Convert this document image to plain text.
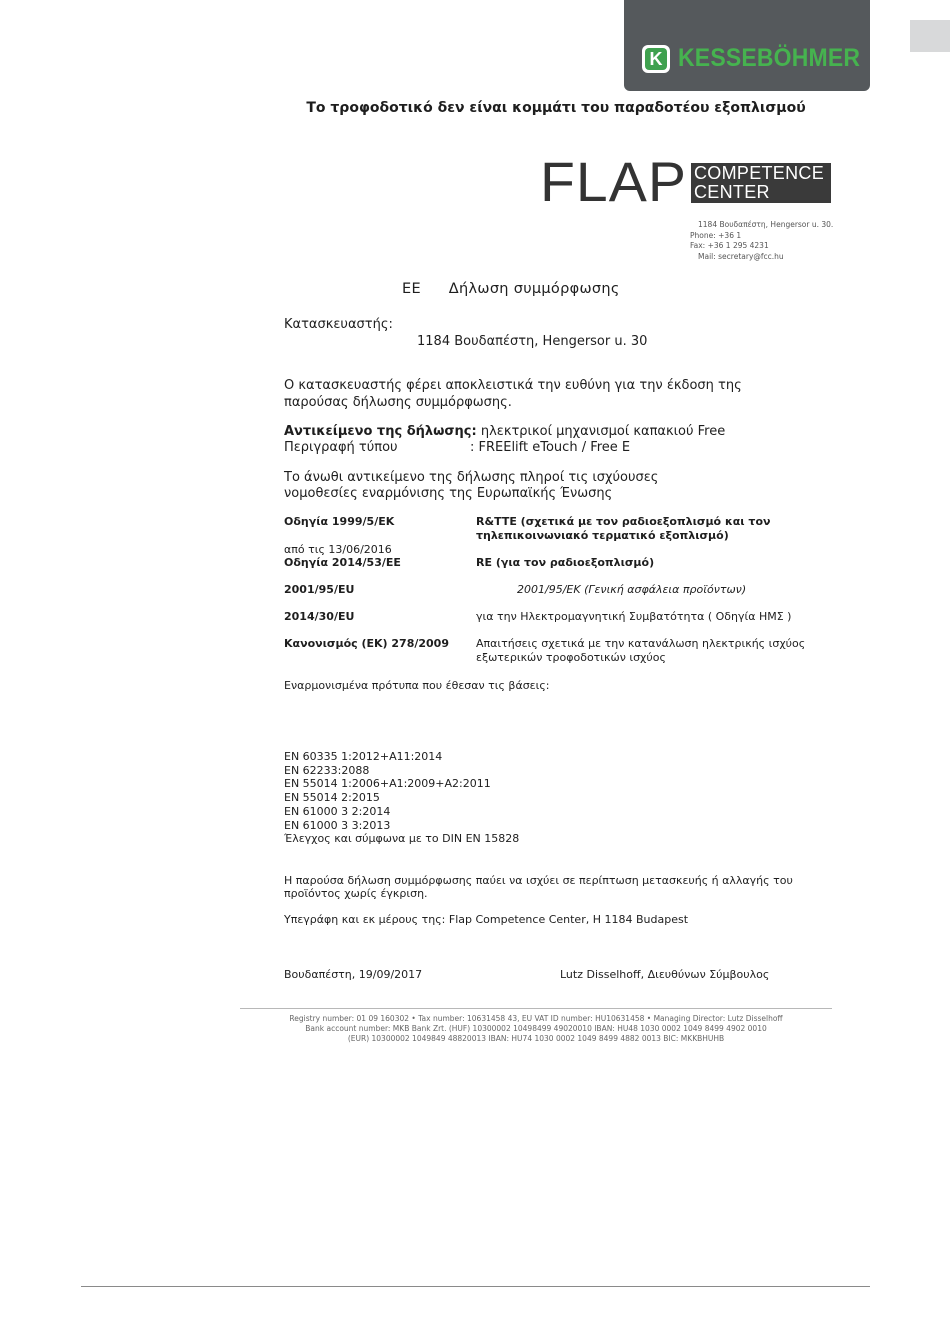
K KESSEBÖHMER
Το τροφοδοτικό δεν είναι κομμάτι του παραδοτέου εξοπλισμού
FLAP COMPETENCE
CENTER
1184 Βουδαπέστη, Hengersor u. 30.
Phone: +36 1
Fax: +36 1 295 4231
Mail: secretary@fcc.hu
ΕΕ Δήλωση συμμόρφωσης
Κατασκευαστής:
1184 Βουδαπέστη, Hengersor u. 30
Ο κατασκευαστής φέρει αποκλειστικά την ευθύνη για την έκδοση της
παρούσας δήλωσης συμμόρφωσης.
Αντικείμενο της δήλωσης: ηλεκτρικοί μηχανισμοί καπακιού Free
Περιγραφή τύπου	: FREElift eTouch / Free E
Το άνωθι αντικείμενο της δήλωσης πληροί τις ισχύουσες
νομοθεσίες εναρμόνισης της Ευρωπαϊκής Ένωσης
Οδηγία 1999/5/EK	R&TTE (σχετικά με τον ραδιοεξοπλισμό και τον
τηλεπικοινωνιακό τερματικό εξοπλισμό)
από τις 13/06/2016
Οδηγία 2014/53/ΕΕ	RE (για τον ραδιοεξοπλισμό)
2001/95/EU	2001/95/EK (Γενική ασφάλεια προϊόντων)
2014/30/EU	για την Ηλεκτρομαγνητική Συμβατότητα ( Οδηγία ΗΜΣ )
Κανονισμός (ΕΚ) 278/2009 Απαιτήσεις σχετικά με την κατανάλωση ηλεκτρικής ισχύος
εξωτερικών τροφοδοτικών ισχύος
Εναρμονισμένα πρότυπα που έθεσαν τις βάσεις:
EN 60335 1:2012+A11:2014
EN 62233:2088
EN 55014 1:2006+A1:2009+A2:2011
EN 55014 2:2015
EN 61000 3 2:2014
EN 61000 3 3:2013
Έλεγχος και σύμφωνα με το DIN EN 15828
Η παρούσα δήλωση συμμόρφωσης παύει να ισχύει σε περίπτωση μετασκευής ή αλλαγής του
προϊόντος χωρίς έγκριση.
Υπεγράφη και εκ μέρους της: Flap Competence Center, H 1184 Budapest
Βουδαπέστη, 19/09/2017	Lutz Disselhoff, Διευθύνων Σύμβουλος
Registry number: 01 09 160302 • Tax number: 10631458 43, EU VAT ID number: HU10631458 • Managing Director: Lutz Disselhoff
Bank account number: MKB Bank Zrt. (HUF) 10300002 10498499 49020010 IBAN: HU48 1030 0002 1049 8499 4902 0010
(EUR) 10300002 1049849 48820013 IBAN: HU74 1030 0002 1049 8499 4882 0013 BIC: MKKBHUHB
